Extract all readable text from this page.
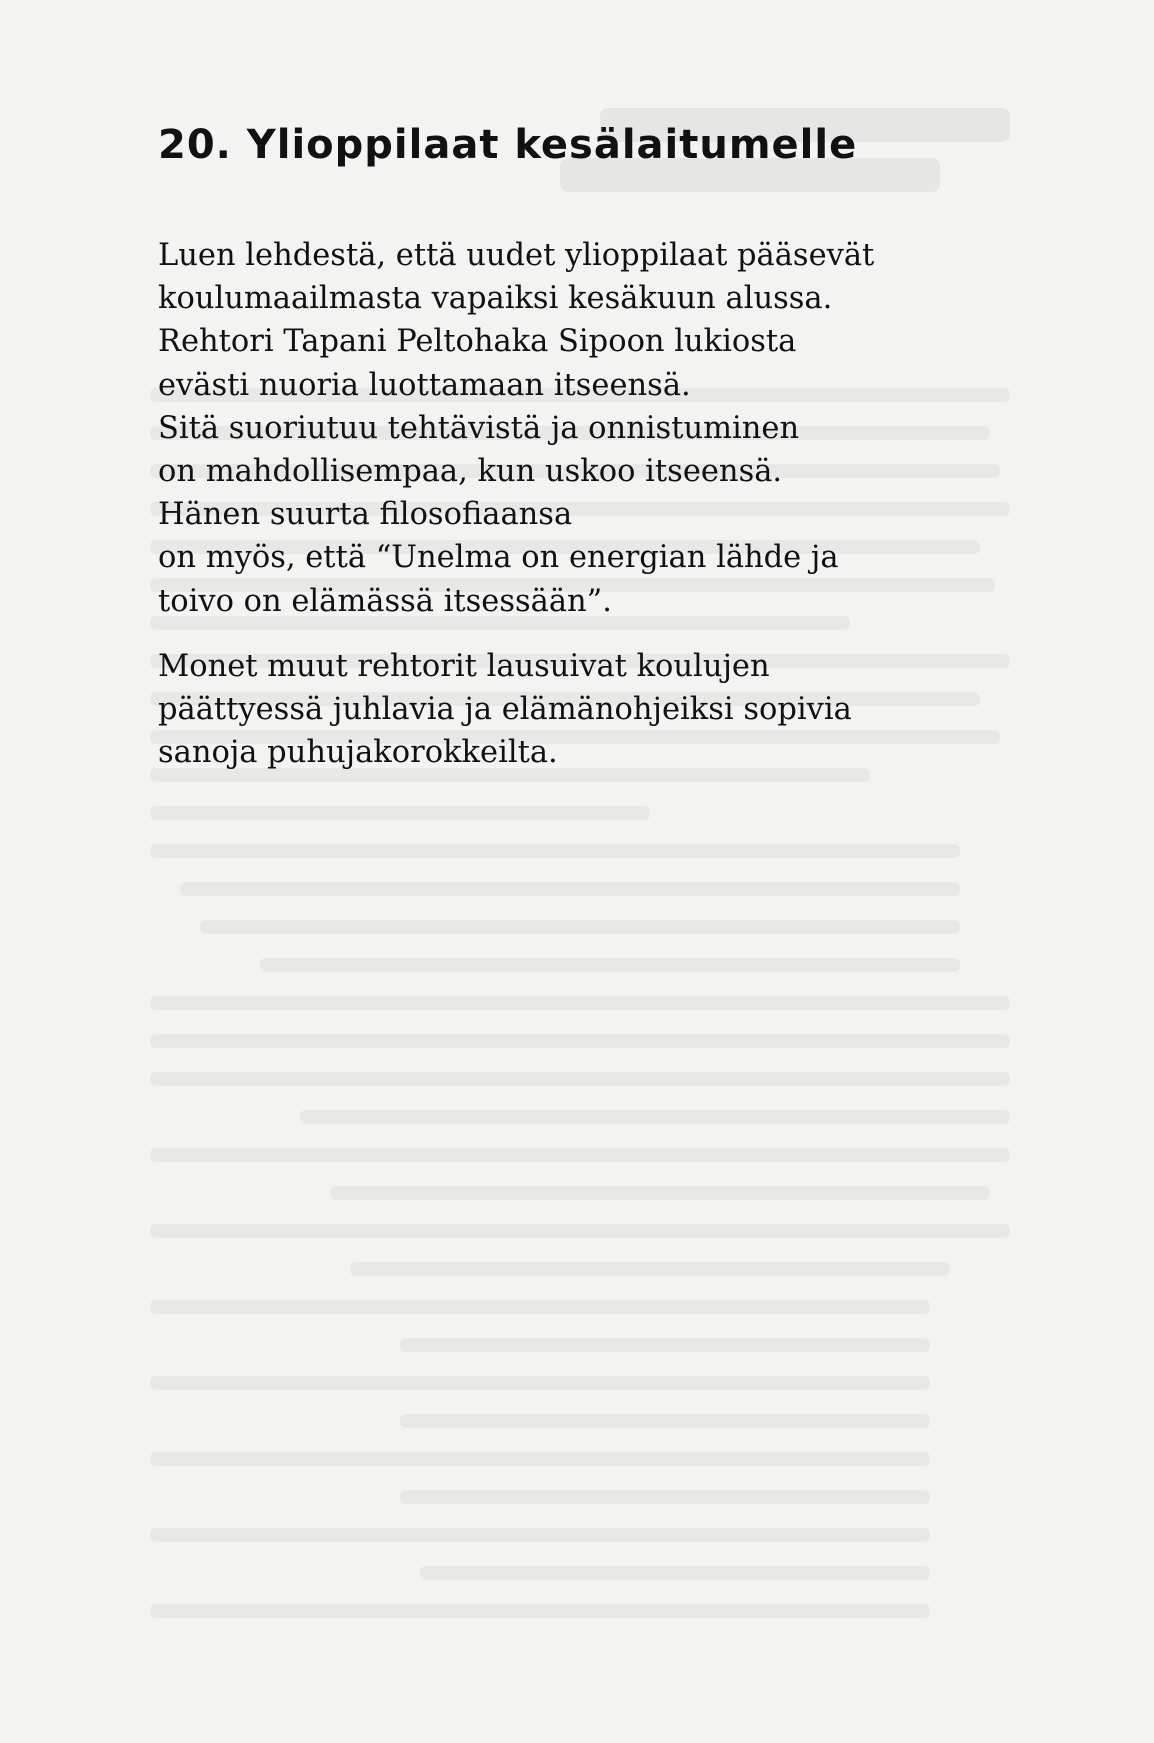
20. Ylioppilaat kesälaitumelle

Luen lehdestä, että uudet ylioppilaat pääsevät
koulumaailmasta vapaiksi kesäkuun alussa.
Rehtori Tapani Peltohaka Sipoon lukiosta
evästi nuoria luottamaan itseensä.
Sitä suoriutuu tehtävistä ja onnistuminen
on mahdollisempaa, kun uskoo itseensä.
Hänen suurta filosofiaansa
on myös, että “Unelma on energian lähde ja
toivo on elämässä itsessään”.

Monet muut rehtorit lausuivat koulujen
päättyessä juhlavia ja elämänohjeiksi sopivia
sanoja puhujakorokkeilta.
